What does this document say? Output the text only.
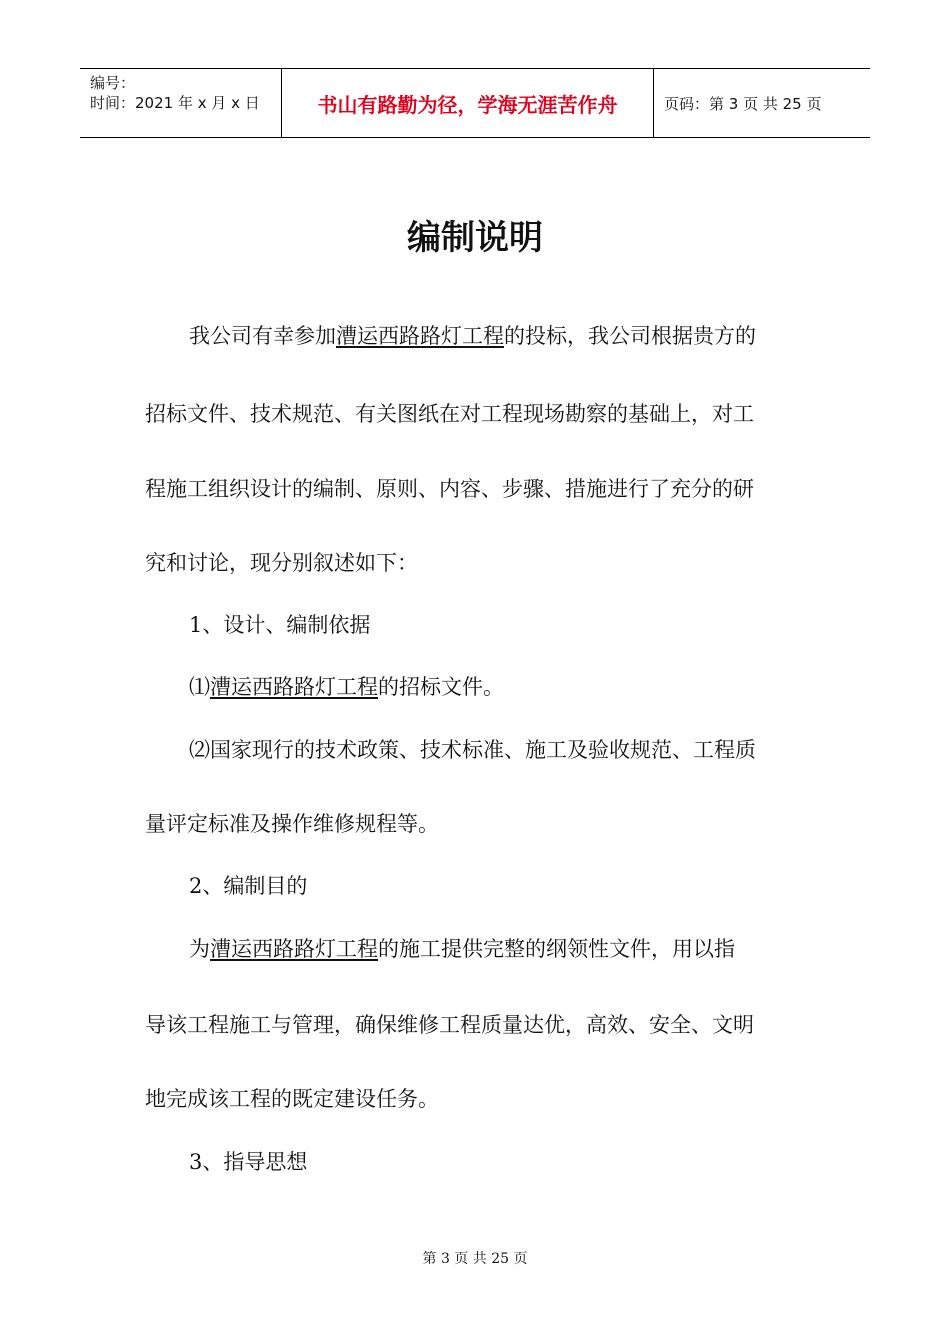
编号：
时间：2021 年 x 月 x 日	书山有路勤为径，学海无涯苦作舟	页码：第 3 页 共 25 页
编制说明
我公司有幸参加漕运西路路灯工程的投标，我公司根据贵方的
招标文件、技术规范、有关图纸在对工程现场勘察的基础上，对工
程施工组织设计的编制、原则、内容、步骤、措施进行了充分的研
究和讨论，现分别叙述如下：
1、设计、编制依据
⑴漕运西路路灯工程的招标文件。
⑵国家现行的技术政策、技术标准、施工及验收规范、工程质
量评定标准及操作维修规程等。
2、编制目的
为漕运西路路灯工程的施工提供完整的纲领性文件，用以指
导该工程施工与管理，确保维修工程质量达优，高效、安全、文明
地完成该工程的既定建设任务。
3、指导思想
第 3 页 共 25 页
